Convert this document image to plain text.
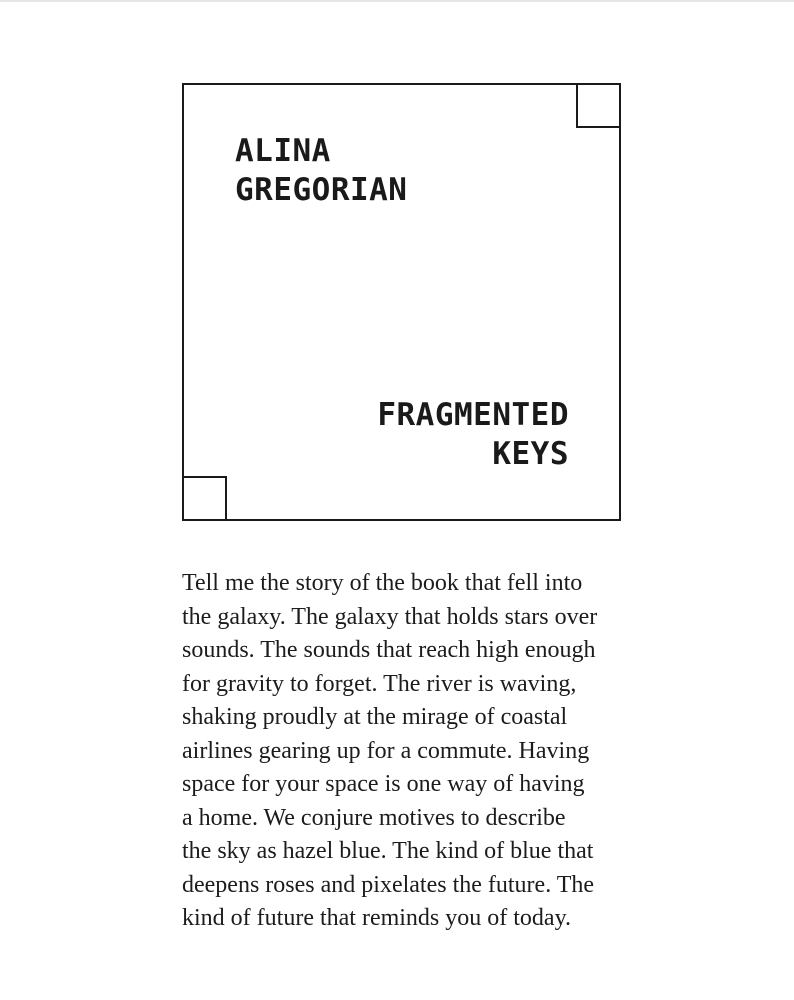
ALINA
GREGORIAN
FRAGMENTED
KEYS

Tell me the story of the book that fell into
the galaxy. The galaxy that holds stars over
sounds. The sounds that reach high enough
for gravity to forget. The river is waving,
shaking proudly at the mirage of coastal
airlines gearing up for a commute. Having
space for your space is one way of having
a home. We conjure motives to describe
the sky as hazel blue. The kind of blue that
deepens roses and pixelates the future. The
kind of future that reminds you of today.
